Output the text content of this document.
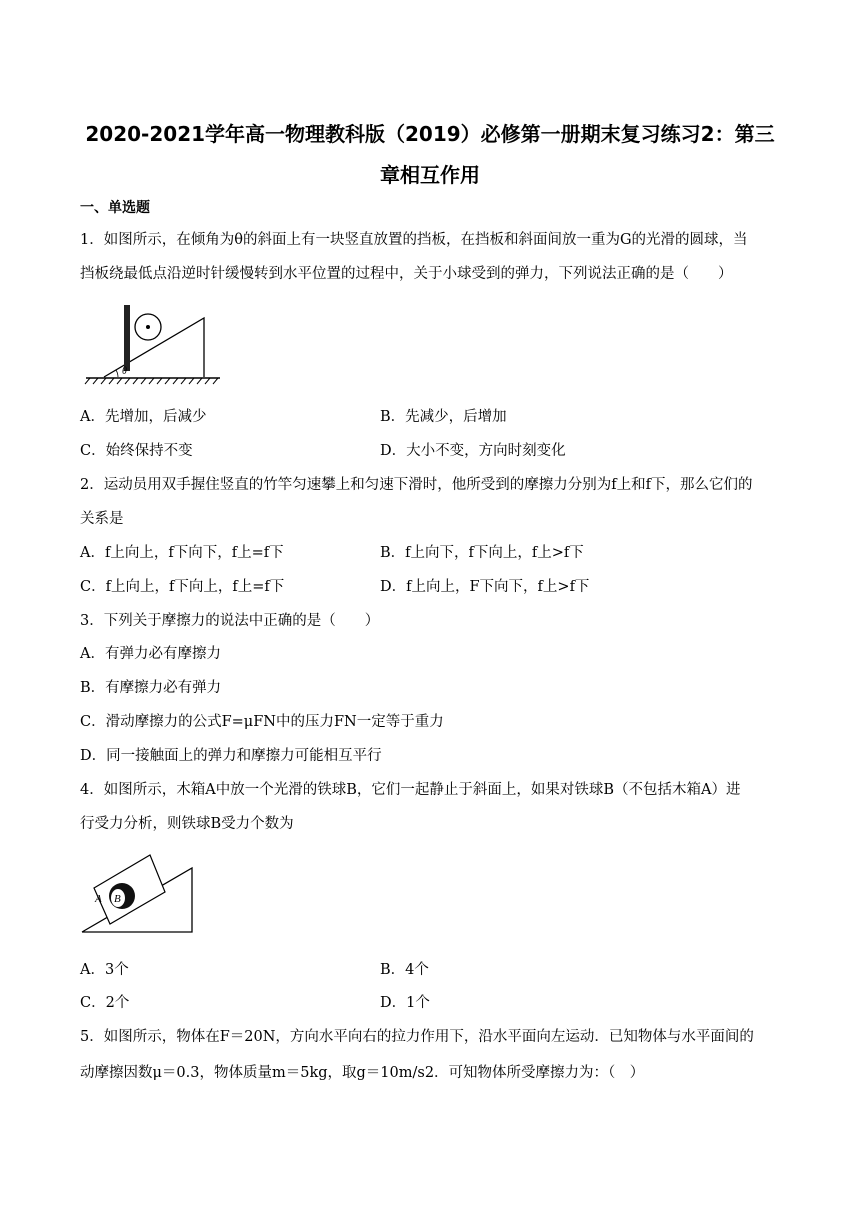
2020-2021学年高一物理教科版（2019）必修第一册期末复习练习2：第三
章相互作用
一、单选题
1．如图所示，在倾角为θ的斜面上有一块竖直放置的挡板，在挡板和斜面间放一重为G的光滑的圆球，当
挡板绕最低点沿逆时针缓慢转到水平位置的过程中，关于小球受到的弹力，下列说法正确的是（　　）
θ
A．先增加，后减少	B．先减少，后增加
C．始终保持不变	D．大小不变，方向时刻变化
2．运动员用双手握住竖直的竹竿匀速攀上和匀速下滑时，他所受到的摩擦力分别为f上和f下，那么它们的
关系是
A．f上向上，f下向下，f上=f下	B．f上向下，f下向上，f上>f下
C．f上向上，f下向上，f上=f下	D．f上向上，F下向下，f上>f下
3．下列关于摩擦力的说法中正确的是（　　）
A．有弹力必有摩擦力
B．有摩擦力必有弹力
C．滑动摩擦力的公式F=μFN中的压力FN一定等于重力
D．同一接触面上的弹力和摩擦力可能相互平行
4．如图所示，木箱A中放一个光滑的铁球B，它们一起静止于斜面上，如果对铁球B（不包括木箱A）进
行受力分析，则铁球B受力个数为
A B
A．3个	B．4个
C．2个	D．1个
5．如图所示，物体在F＝20N，方向水平向右的拉力作用下，沿水平面向左运动．已知物体与水平面间的
动摩擦因数μ＝0.3，物体质量m＝5kg，取g＝10m/s2．可知物体所受摩擦力为：（　）
